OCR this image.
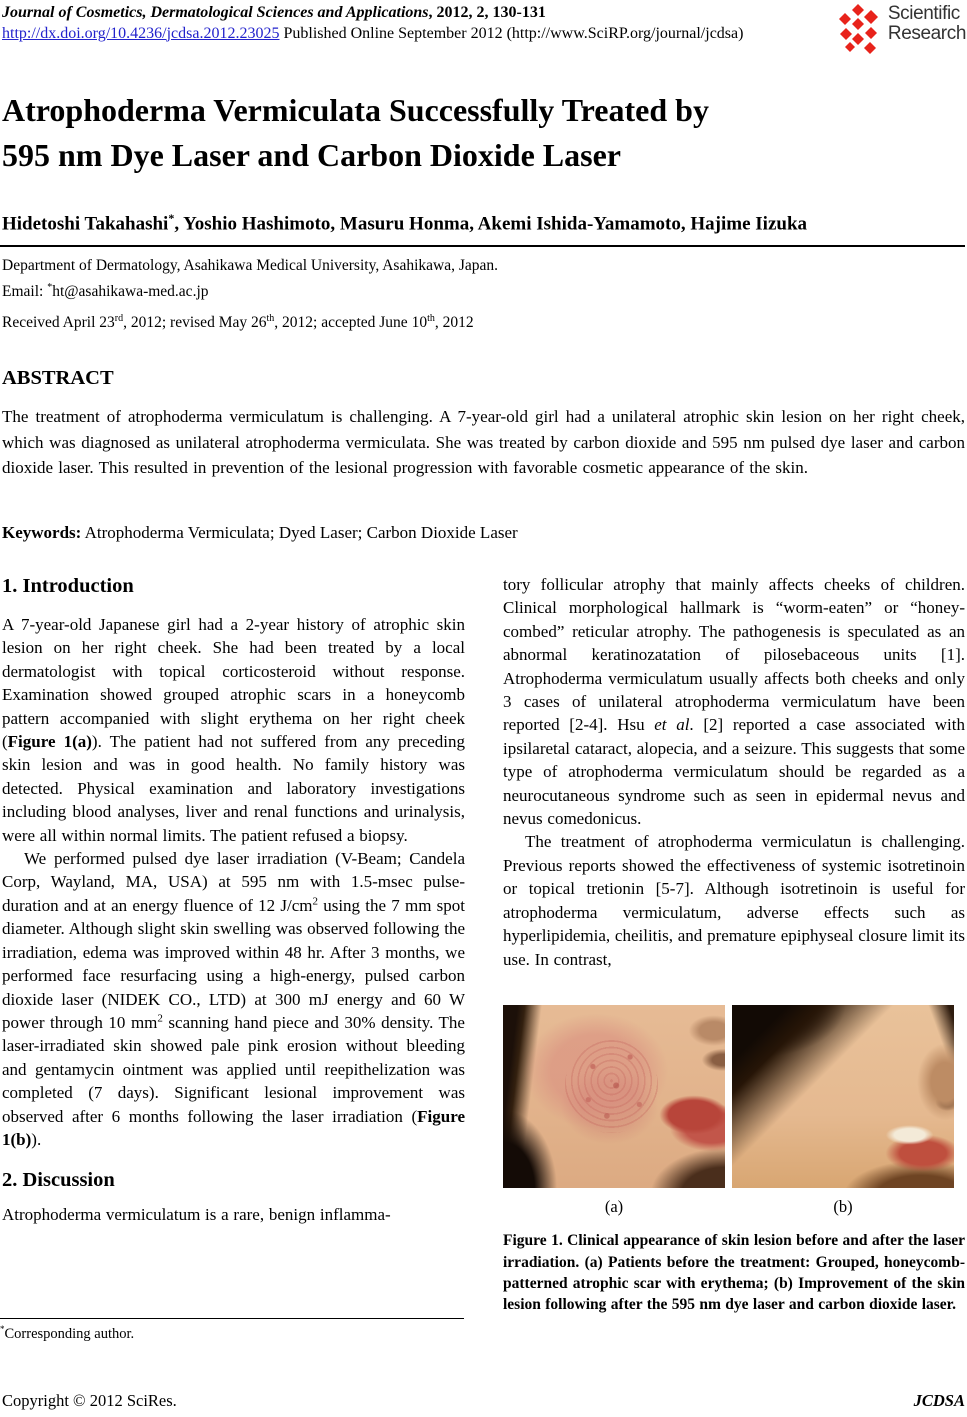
Journal of Cosmetics, Dermatological Sciences and Applications, 2012, 2, 130-131
http://dx.doi.org/10.4236/jcdsa.2012.23025 Published Online September 2012 (http://www.SciRP.org/journal/jcdsa)
Scientific
Research
Atrophoderma Vermiculata Successfully Treated by
595 nm Dye Laser and Carbon Dioxide Laser
Hidetoshi Takahashi*, Yoshio Hashimoto, Masuru Honma, Akemi Ishida-Yamamoto, Hajime Iizuka
Department of Dermatology, Asahikawa Medical University, Asahikawa, Japan.
Email: *ht@asahikawa-med.ac.jp
Received April 23rd, 2012; revised May 26th, 2012; accepted June 10th, 2012
ABSTRACT
The treatment of atrophoderma vermiculatum is challenging. A 7-year-old girl had a unilateral atrophic skin lesion on her right cheek, which was diagnosed as unilateral atrophoderma vermiculata. She was treated by carbon dioxide and 595 nm pulsed dye laser and carbon dioxide laser. This resulted in prevention of the lesional progression with favorable cosmetic appearance of the skin.
Keywords: Atrophoderma Vermiculata; Dyed Laser; Carbon Dioxide Laser
1. Introduction

A 7-year-old Japanese girl had a 2-year history of atrophic skin lesion on her right cheek. She had been treated by a local dermatologist with topical corticosteroid without response. Examination showed grouped atrophic scars in a honeycomb pattern accompanied with slight erythema on her right cheek (Figure 1(a)). The patient had not suffered from any preceding skin lesion and was in good health. No family history was detected. Physical examination and laboratory investigations including blood analyses, liver and renal functions and urinalysis, were all within normal limits. The patient refused a biopsy.

We performed pulsed dye laser irradiation (V-Beam; Candela Corp, Wayland, MA, USA) at 595 nm with 1.5-msec pulse-duration and at an energy fluence of 12 $J/cm^2$ using the 7 mm spot diameter. Although slight skin swelling was observed following the irradiation, edema was improved within 48 hr. After 3 months, we performed face resurfacing using a high-energy, pulsed carbon dioxide laser (NIDEK CO., LTD) at 300 mJ energy and 60 W power through 10 $mm^2$ scanning hand piece and 30% density. The laser-irradiated skin showed pale pink erosion without bleeding and gentamycin ointment was applied until reepithelization was completed (7 days). Significant lesional improvement was observed after 6 months following the laser irradiation (Figure 1(b)).

2. Discussion

Atrophoderma vermiculatum is a rare, benign inflamma-

*Corresponding author.

tory follicular atrophy that mainly affects cheeks of children. Clinical morphological hallmark is “worm-eaten” or “honey-combed” reticular atrophy. The pathogenesis is speculated as an abnormal keratinozatation of pilosebaceous units [1]. Atrophoderma vermiculatum usually affects both cheeks and only 3 cases of unilateral atrophoderma vermiculatum have been reported [2-4]. Hsu et al. [2] reported a case associated with ipsilaretal cataract, alopecia, and a seizure. This suggests that some type of atrophoderma vermiculatum should be regarded as a neurocutaneous syndrome such as seen in epidermal nevus and nevus comedonicus.

The treatment of atrophoderma vermiculatun is challenging. Previous reports showed the effectiveness of systemic isotretinoin or topical tretionin [5-7]. Although isotretinoin is useful for atrophoderma vermiculatum, adverse effects such as hyperlipidemia, cheilitis, and premature epiphyseal closure limit its use. In contrast,

(a)	(b)
Figure 1. Clinical appearance of skin lesion before and after the laser irradiation. (a) Patients before the treatment: Grouped, honeycomb-patterned atrophic scar with erythema; (b) Improvement of the skin lesion following after the 595 nm dye laser and carbon dioxide laser.
Copyright © 2012 SciRes.	JCDSA
